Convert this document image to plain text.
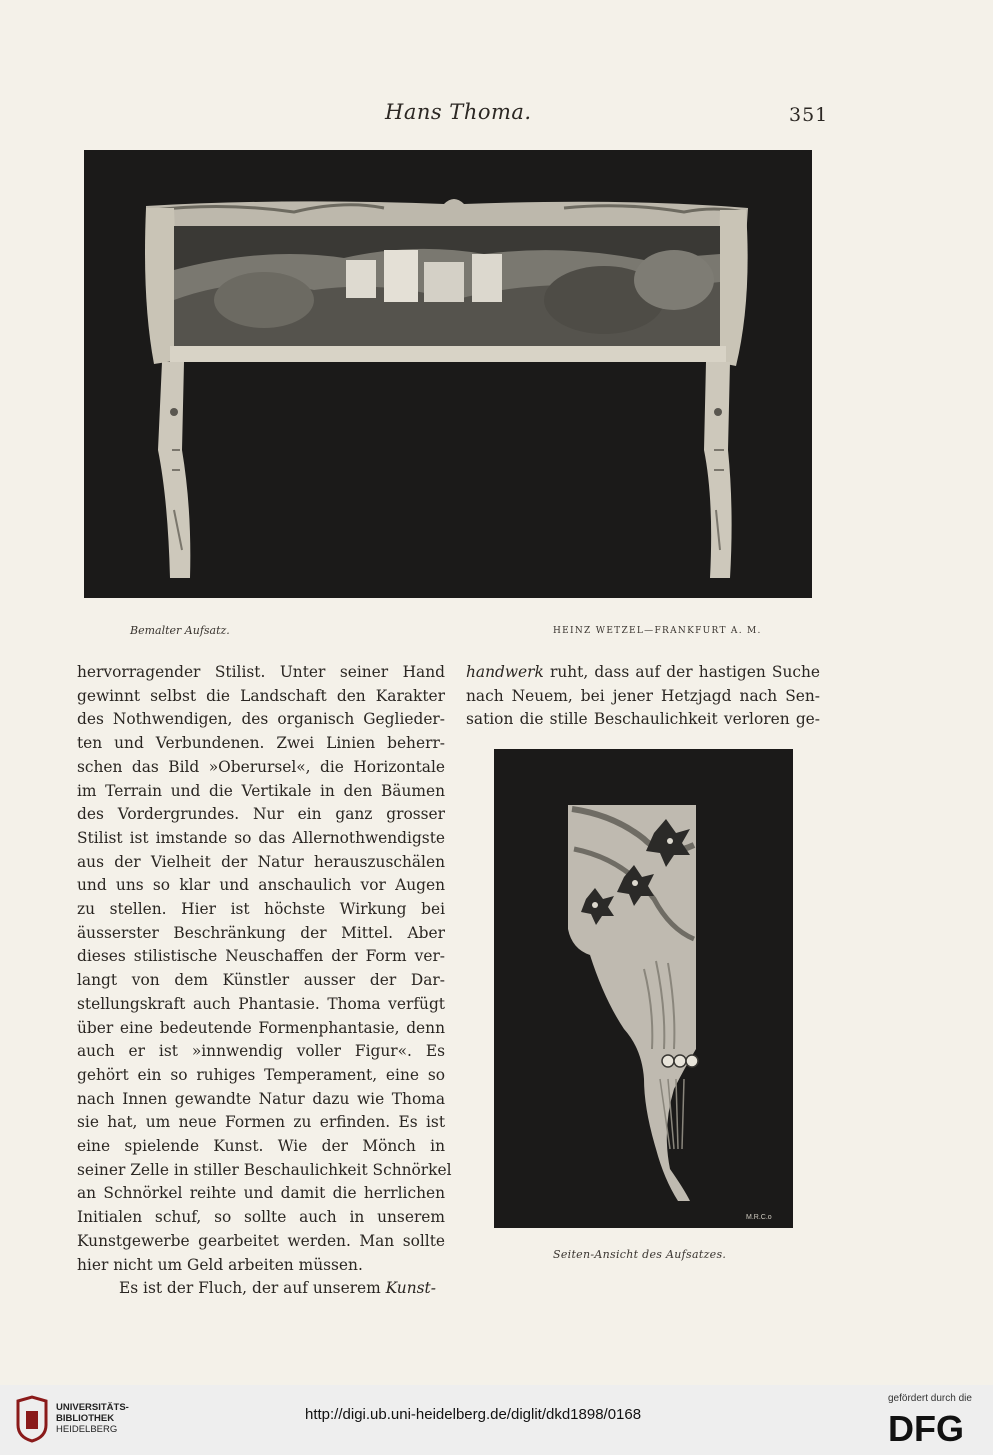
Hans Thoma.	351
Bemalter Aufsatz.	HEINZ WETZEL—FRANKFURT A. M.
hervorragender Stilist. Unter seiner Hand
gewinnt selbst die Landschaft den Karakter
des Nothwendigen, des organisch Geglieder-
ten und Verbundenen. Zwei Linien beherr-
schen das Bild »Oberursel«, die Horizontale
im Terrain und die Vertikale in den Bäumen
des Vordergrundes. Nur ein ganz grosser
Stilist ist imstande so das Allernothwendigste
aus der Vielheit der Natur herauszuschälen
und uns so klar und anschaulich vor Augen
zu stellen. Hier ist höchste Wirkung bei
äusserster Beschränkung der Mittel. Aber
dieses stilistische Neuschaffen der Form ver-
langt von dem Künstler ausser der Dar-
stellungskraft auch Phantasie. Thoma verfügt
über eine bedeutende Formenphantasie, denn
auch er ist »innwendig voller Figur«. Es
gehört ein so ruhiges Temperament, eine so
nach Innen gewandte Natur dazu wie Thoma
sie hat, um neue Formen zu erfinden. Es ist
eine spielende Kunst. Wie der Mönch in
seiner Zelle in stiller Beschaulichkeit Schnörkel
an Schnörkel reihte und damit die herrlichen
Initialen schuf, so sollte auch in unserem
Kunstgewerbe gearbeitet werden. Man sollte
hier nicht um Geld arbeiten müssen.
Es ist der Fluch, der auf unserem Kunst-
handwerk ruht, dass auf der hastigen Suche
nach Neuem, bei jener Hetzjagd nach Sen-
sation die stille Beschaulichkeit verloren ge-
M.R.C.o
Seiten-Ansicht des Aufsatzes.
UNIVERSITÄTS-
BIBLIOTHEK
HEIDELBERG
http://digi.ub.uni-heidelberg.de/diglit/dkd1898/0168
gefördert durch die
DFG
